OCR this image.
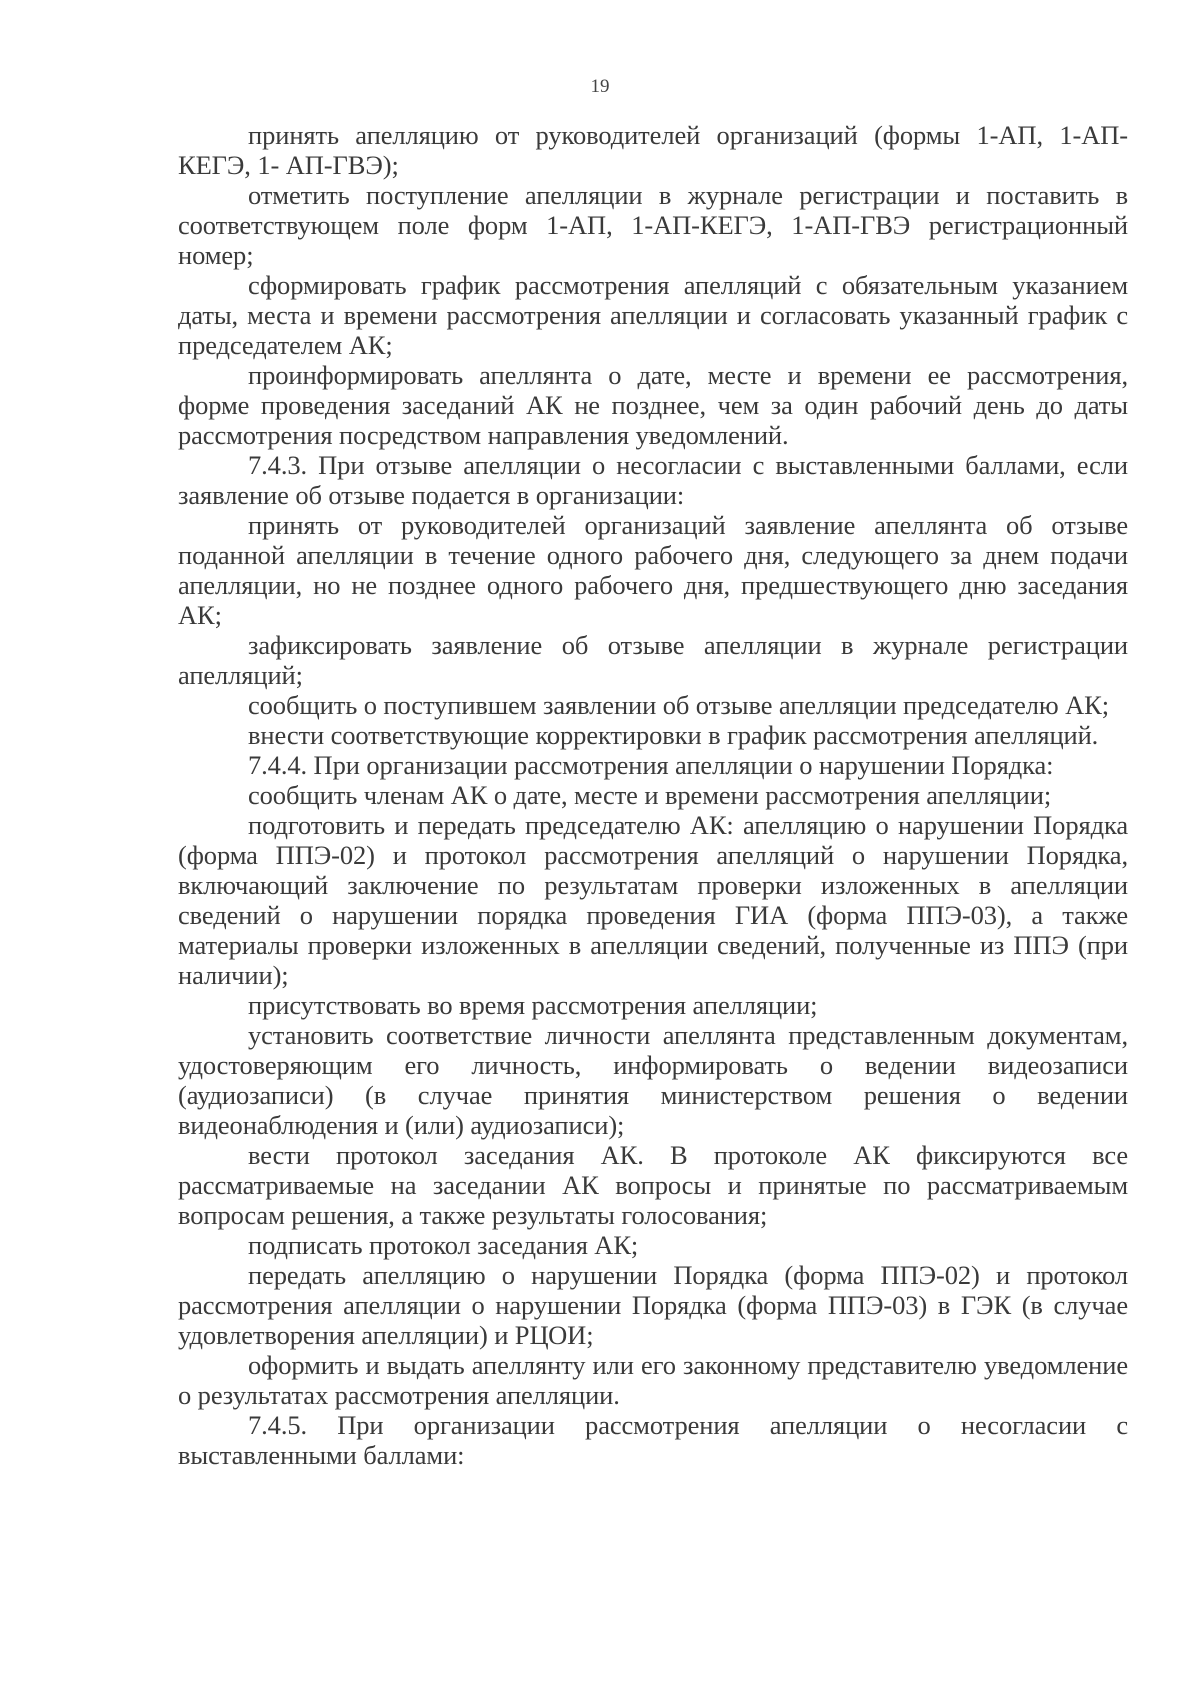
19

принять апелляцию от руководителей организаций (формы 1-АП, 1-АП-КЕГЭ, 1- АП-ГВЭ);

отметить поступление апелляции в журнале регистрации и поставить в соответствующем поле форм 1-АП, 1-АП-КЕГЭ, 1-АП-ГВЭ регистрационный номер;

сформировать график рассмотрения апелляций с обязательным указанием даты, места и времени рассмотрения апелляции и согласовать указанный график с председателем АК;

проинформировать апеллянта о дате, месте и времени ее рассмотрения, форме проведения заседаний АК не позднее, чем за один рабочий день до даты рассмотрения посредством направления уведомлений.

7.4.3. При отзыве апелляции о несогласии с выставленными баллами, если заявление об отзыве подается в организации:

принять от руководителей организаций заявление апеллянта об отзыве поданной апелляции в течение одного рабочего дня, следующего за днем подачи апелляции, но не позднее одного рабочего дня, предшествующего дню заседания АК;

зафиксировать заявление об отзыве апелляции в журнале регистрации апелляций;

сообщить о поступившем заявлении об отзыве апелляции председателю АК;

внести соответствующие корректировки в график рассмотрения апелляций.

7.4.4. При организации рассмотрения апелляции о нарушении Порядка:

сообщить членам АК о дате, месте и времени рассмотрения апелляции;

подготовить и передать председателю АК: апелляцию о нарушении Порядка (форма ППЭ-02) и протокол рассмотрения апелляций о нарушении Порядка, включающий заключение по результатам проверки изложенных в апелляции сведений о нарушении порядка проведения ГИА (форма ППЭ-03), а также материалы проверки изложенных в апелляции сведений, полученные из ППЭ (при наличии);

присутствовать во время рассмотрения апелляции;

установить соответствие личности апеллянта представленным документам, удостоверяющим его личность, информировать о ведении видеозаписи (аудиозаписи) (в случае принятия министерством решения о ведении видеонаблюдения и (или) аудиозаписи);

вести протокол заседания АК. В протоколе АК фиксируются все рассматриваемые на заседании АК вопросы и принятые по рассматриваемым вопросам решения, а также результаты голосования;

подписать протокол заседания АК;

передать апелляцию о нарушении Порядка (форма ППЭ-02) и протокол рассмотрения апелляции о нарушении Порядка (форма ППЭ-03) в ГЭК (в случае удовлетворения апелляции) и РЦОИ;

оформить и выдать апеллянту или его законному представителю уведомление о результатах рассмотрения апелляции.

7.4.5. При организации рассмотрения апелляции о несогласии с выставленными баллами:
